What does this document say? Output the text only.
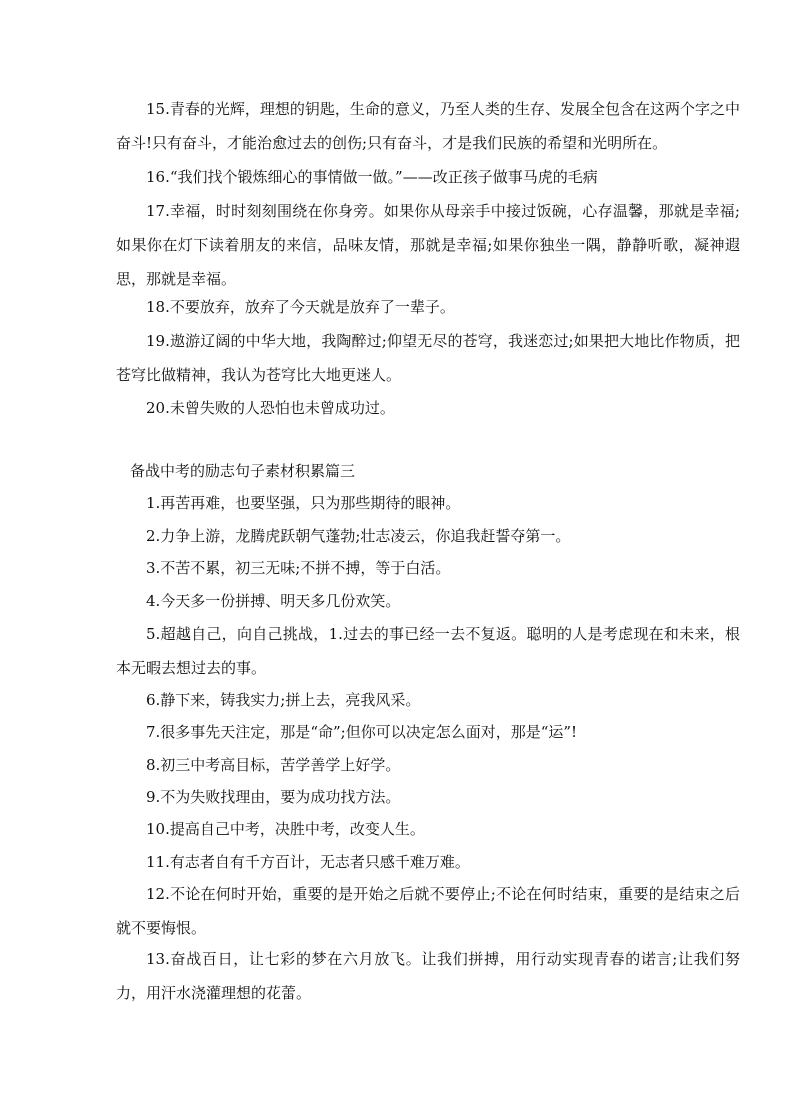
15.青春的光辉，理想的钥匙，生命的意义，乃至人类的生存、发展全包含在这两个字之中奋斗!只有奋斗，才能治愈过去的创伤;只有奋斗，才是我们民族的希望和光明所在。

16.“我们找个锻炼细心的事情做一做。”——改正孩子做事马虎的毛病

17.幸福，时时刻刻围绕在你身旁。如果你从母亲手中接过饭碗，心存温馨，那就是幸福;如果你在灯下读着朋友的来信，品味友情，那就是幸福;如果你独坐一隅，静静听歌，凝神遐思，那就是幸福。

18.不要放弃，放弃了今天就是放弃了一辈子。

19.遨游辽阔的中华大地，我陶醉过;仰望无尽的苍穹，我迷恋过;如果把大地比作物质，把苍穹比做精神，我认为苍穹比大地更迷人。

20.未曾失败的人恐怕也未曾成功过。

备战中考的励志句子素材积累篇三

1.再苦再难，也要坚强，只为那些期待的眼神。

2.力争上游，龙腾虎跃朝气蓬勃;壮志凌云，你追我赶誓夺第一。

3.不苦不累，初三无味;不拼不搏，等于白活。

4.今天多一份拼搏、明天多几份欢笑。

5.超越自己，向自己挑战，1.过去的事已经一去不复返。聪明的人是考虑现在和未来，根本无暇去想过去的事。

6.静下来，铸我实力;拼上去，亮我风采。

7.很多事先天注定，那是“命”;但你可以决定怎么面对，那是“运”!

8.初三中考高目标，苦学善学上好学。

9.不为失败找理由，要为成功找方法。

10.提高自己中考，决胜中考，改变人生。

11.有志者自有千方百计，无志者只感千难万难。

12.不论在何时开始，重要的是开始之后就不要停止;不论在何时结束，重要的是结束之后就不要悔恨。

13.奋战百日，让七彩的梦在六月放飞。让我们拼搏，用行动实现青春的诺言;让我们努力，用汗水浇灌理想的花蕾。
